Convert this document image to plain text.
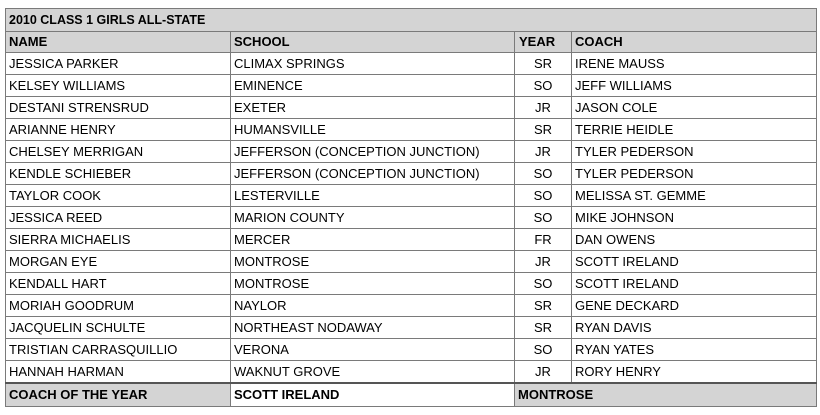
2010 CLASS 1 GIRLS ALL-STATE			
NAME	SCHOOL	YEAR	COACH
JESSICA PARKER	CLIMAX SPRINGS	SR	IRENE MAUSS
KELSEY WILLIAMS	EMINENCE	SO	JEFF WILLIAMS
DESTANI STRENSRUD	EXETER	JR	JASON COLE
ARIANNE HENRY	HUMANSVILLE	SR	TERRIE HEIDLE
CHELSEY MERRIGAN	JEFFERSON (CONCEPTION JUNCTION)	JR	TYLER PEDERSON
KENDLE SCHIEBER	JEFFERSON (CONCEPTION JUNCTION)	SO	TYLER PEDERSON
TAYLOR COOK	LESTERVILLE	SO	MELISSA ST. GEMME
JESSICA REED	MARION COUNTY	SO	MIKE JOHNSON
SIERRA MICHAELIS	MERCER	FR	DAN OWENS
MORGAN EYE	MONTROSE	JR	SCOTT IRELAND
KENDALL HART	MONTROSE	SO	SCOTT IRELAND
MORIAH GOODRUM	NAYLOR	SR	GENE DECKARD
JACQUELIN SCHULTE	NORTHEAST NODAWAY	SR	RYAN DAVIS
TRISTIAN CARRASQUILLIO	VERONA	SO	RYAN YATES
HANNAH HARMAN	WAKNUT GROVE	JR	RORY HENRY
COACH OF THE YEAR	SCOTT IRELAND	MONTROSE	
